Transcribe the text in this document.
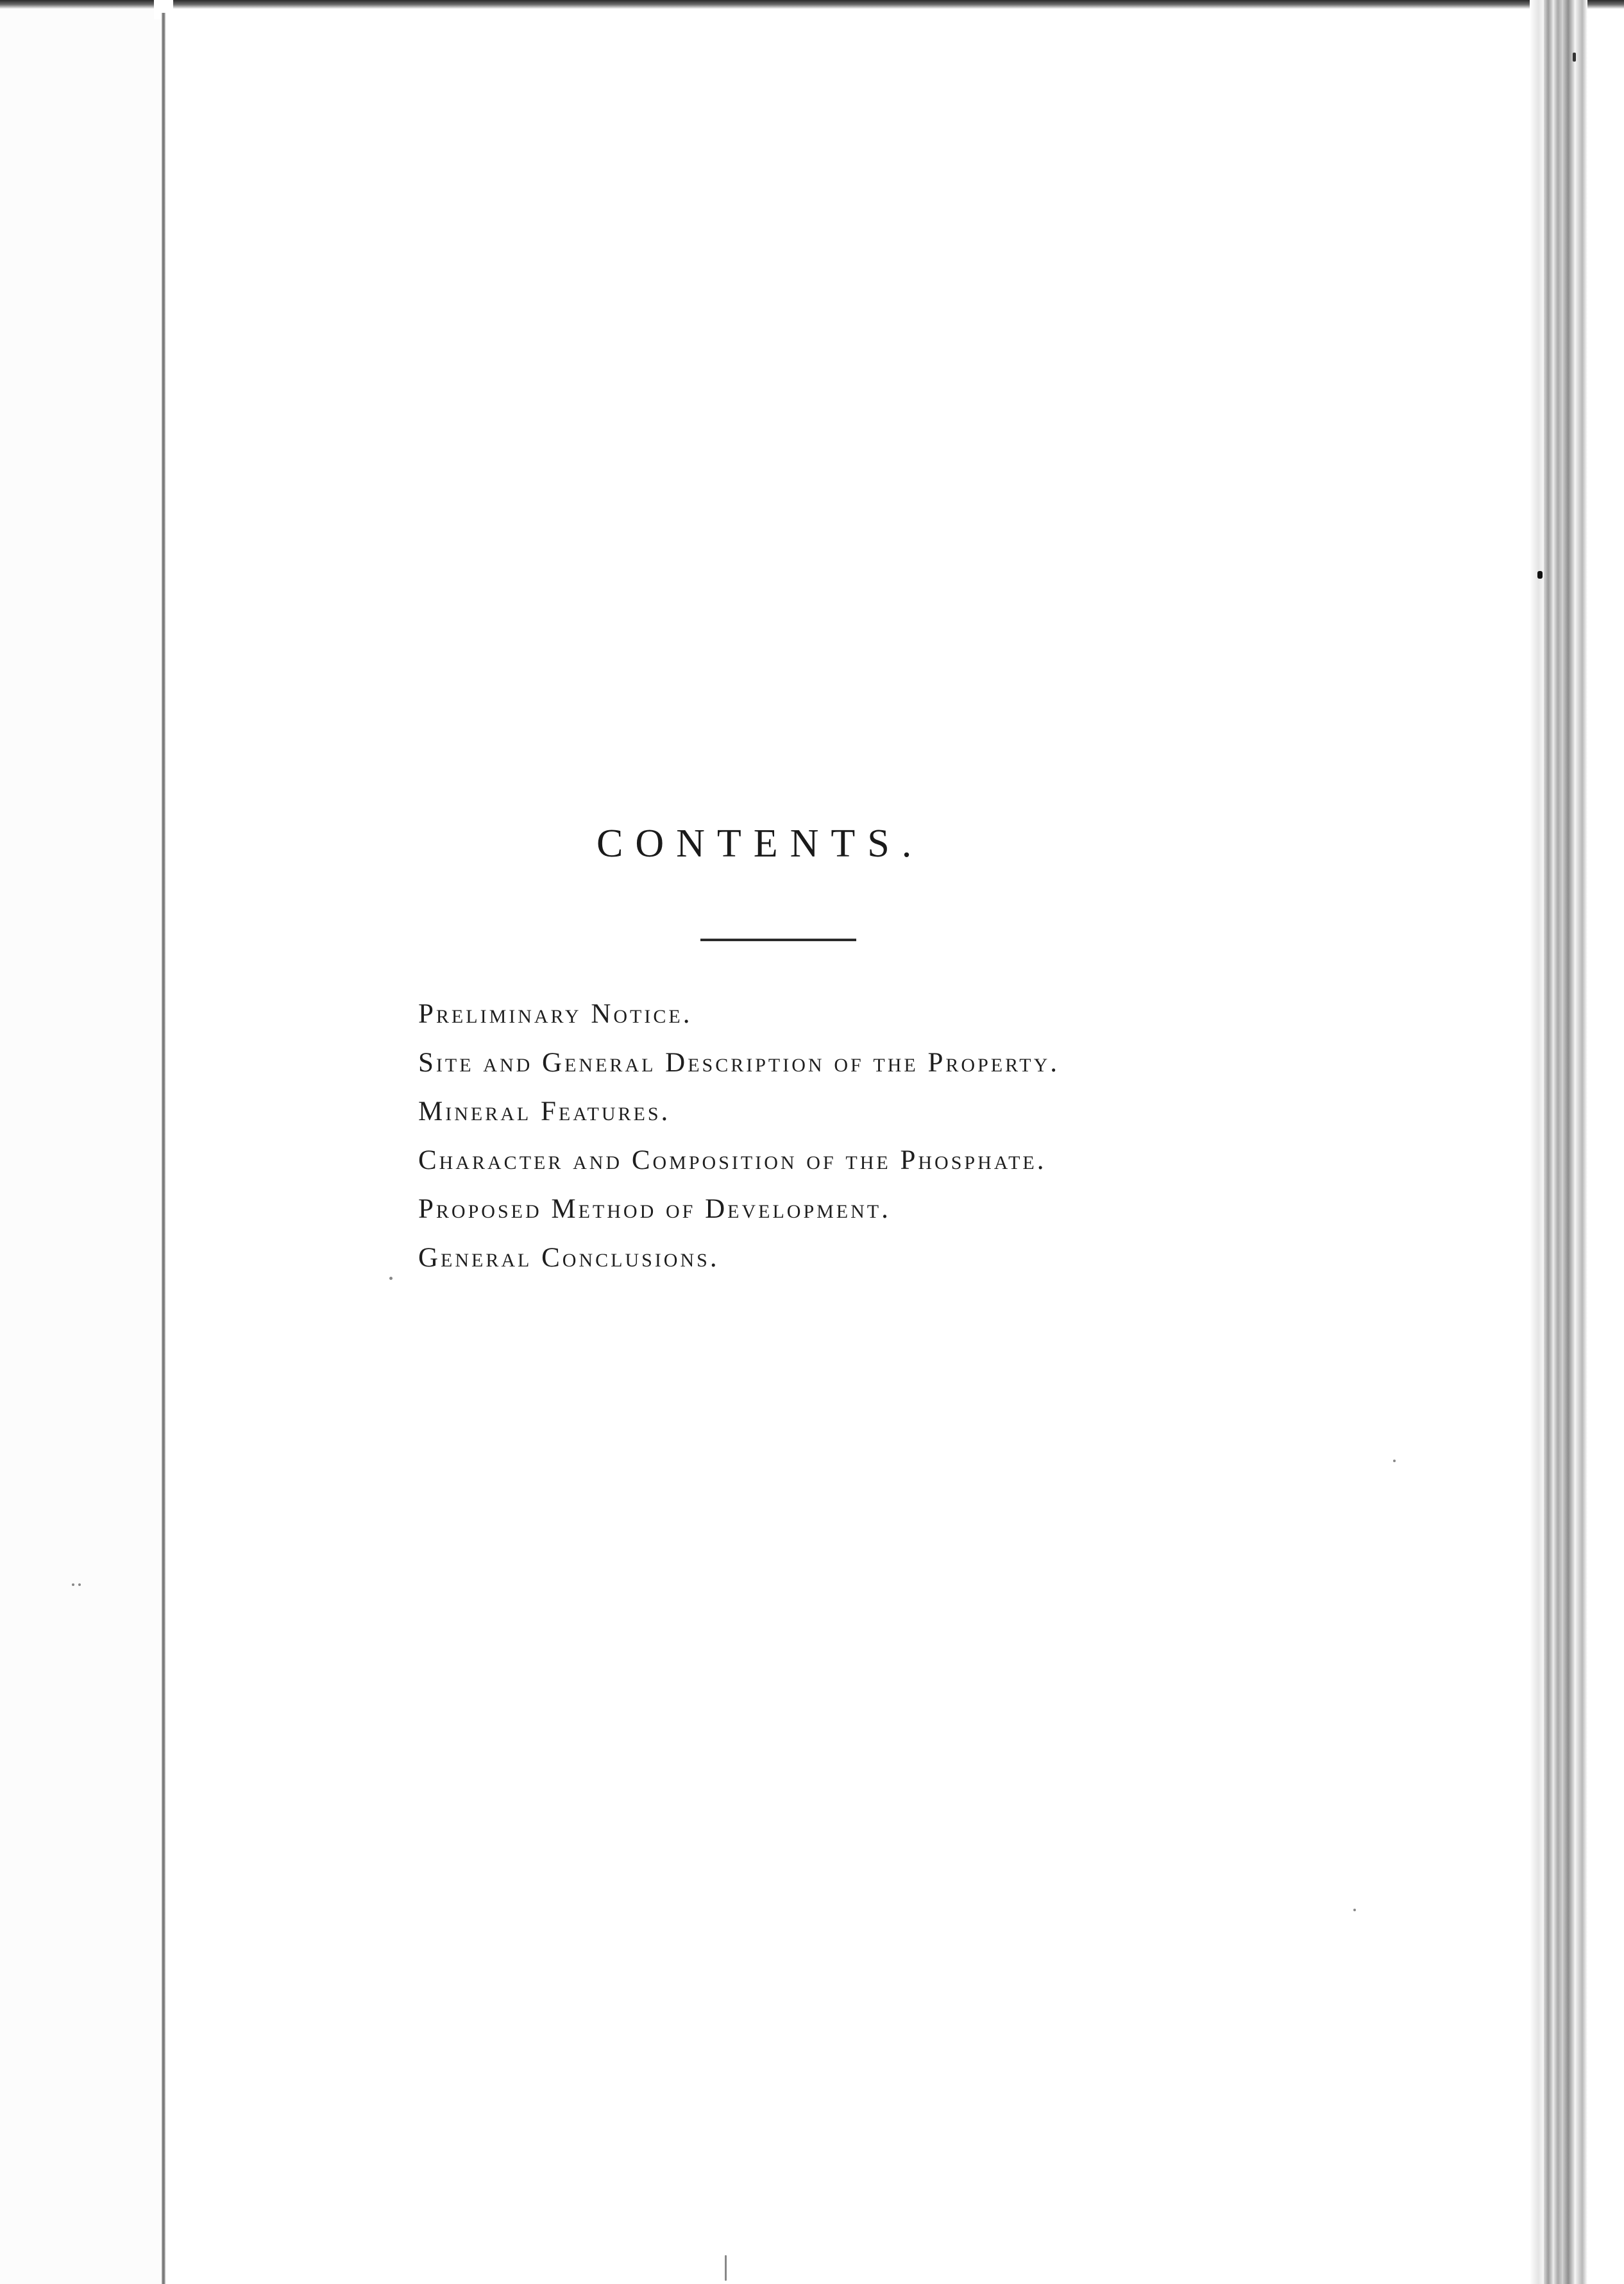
CONTENTS.
Preliminary Notice.
Site and General Description of the Property.
Mineral Features.
Character and Composition of the Phosphate.
Proposed Method of Development.
General Conclusions.
